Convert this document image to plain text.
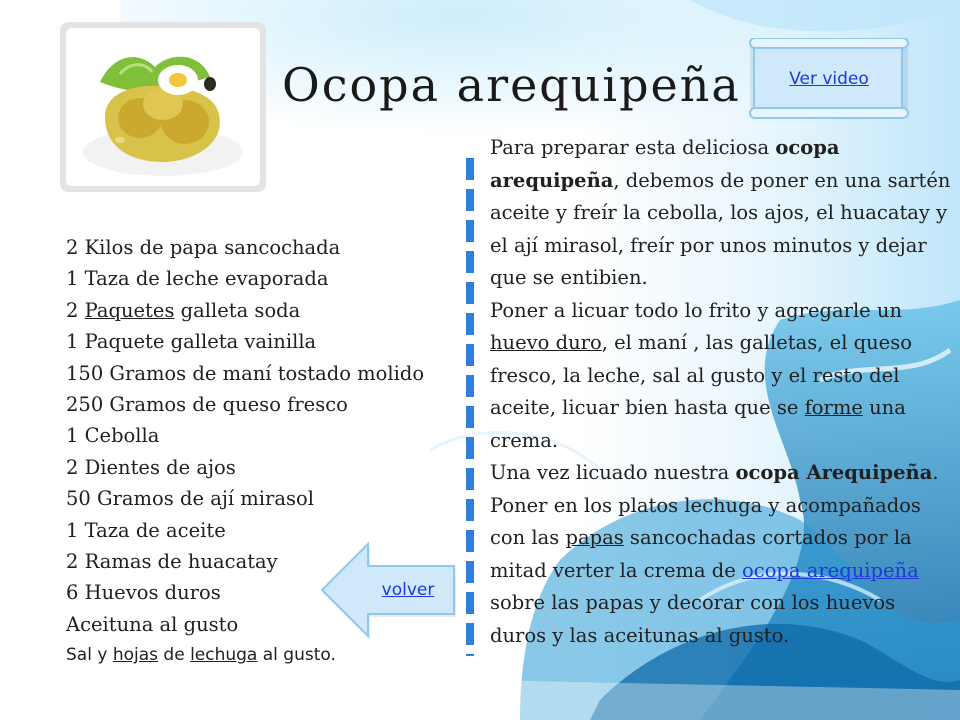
Ocopa arequipeña	Ver video
2 Kilos de papa sancochada
1 Taza de leche evaporada
2 Paquetes galleta soda
1 Paquete galleta vainilla
150 Gramos de maní tostado molido
250 Gramos de queso fresco
1 Cebolla
2 Dientes de ajos
50 Gramos de ají mirasol
1 Taza de aceite
2 Ramas de huacatay
6 Huevos duros
Aceituna al gusto
Sal y hojas de lechuga al gusto.
Para preparar esta deliciosa ocopa arequipeña, debemos de poner en una sartén aceite y freír la cebolla, los ajos, el huacatay y el ají mirasol, freír por unos minutos y dejar que se entibien.
Poner a licuar todo lo frito y agregarle un huevo duro, el maní , las galletas, el queso fresco, la leche, sal al gusto y el resto del aceite, licuar bien hasta que se forme una crema.
Una vez licuado nuestra ocopa Arequipeña.
Poner en los platos lechuga y acompañados con las papas sancochadas cortados por la mitad verter la crema de ocopa arequipeña sobre las papas y decorar con los huevos duros y las aceitunas al gusto.
volver
